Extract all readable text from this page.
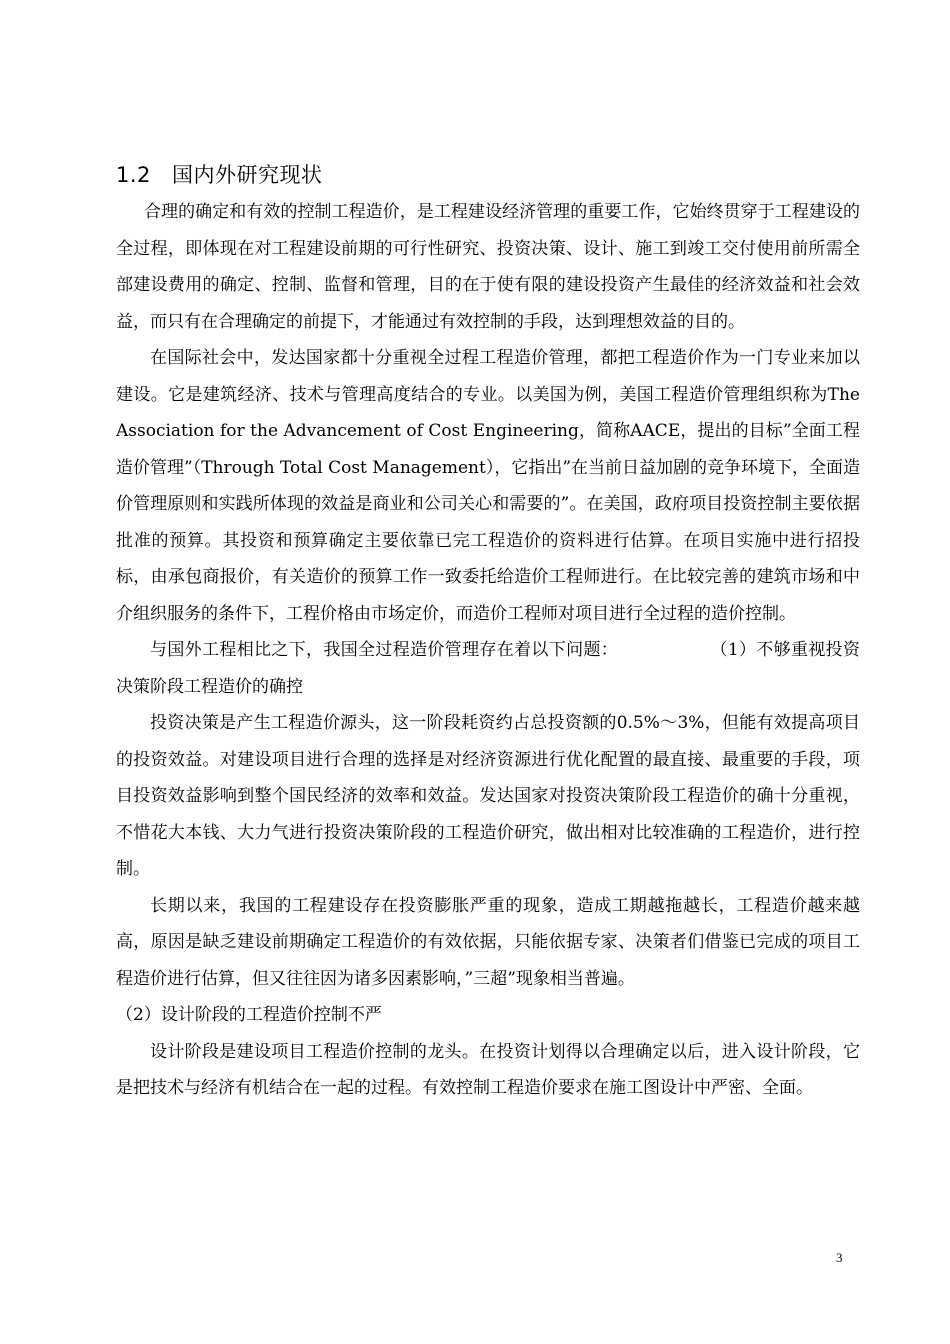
1.2 国内外研究现状

合理的确定和有效的控制工程造价，是工程建设经济管理的重要工作，它始终贯穿于工程建设的全过程，即体现在对工程建设前期的可行性研究、投资决策、设计、施工到竣工交付使用前所需全部建设费用的确定、控制、监督和管理，目的在于使有限的建设投资产生最佳的经济效益和社会效益，而只有在合理确定的前提下，才能通过有效控制的手段，达到理想效益的目的。

在国际社会中，发达国家都十分重视全过程工程造价管理，都把工程造价作为一门专业来加以建设。它是建筑经济、技术与管理高度结合的专业。以美国为例，美国工程造价管理组织称为The Association for the Advancement of Cost Engineering，简称AACE，提出的目标”全面工程造价管理”（Through Total Cost Management），它指出”在当前日益加剧的竞争环境下，全面造价管理原则和实践所体现的效益是商业和公司关心和需要的”。在美国，政府项目投资控制主要依据批准的预算。其投资和预算确定主要依靠已完工程造价的资料进行估算。在项目实施中进行招投标，由承包商报价，有关造价的预算工作一致委托给造价工程师进行。在比较完善的建筑市场和中介组织服务的条件下，工程价格由市场定价，而造价工程师对项目进行全过程的造价控制。

与国外工程相比之下，我国全过程造价管理存在着以下问题：	（1）不够重视投资决策阶段工程造价的确控

投资决策是产生工程造价源头，这一阶段耗资约占总投资额的0.5%～3%，但能有效提高项目的投资效益。对建设项目进行合理的选择是对经济资源进行优化配置的最直接、最重要的手段，项目投资效益影响到整个国民经济的效率和效益。发达国家对投资决策阶段工程造价的确十分重视，不惜花大本钱、大力气进行投资决策阶段的工程造价研究，做出相对比较准确的工程造价，进行控制。

长期以来，我国的工程建设存在投资膨胀严重的现象，造成工期越拖越长，工程造价越来越高，原因是缺乏建设前期确定工程造价的有效依据，只能依据专家、决策者们借鉴已完成的项目工程造价进行估算，但又往往因为诸多因素影响，”三超”现象相当普遍。

（2）设计阶段的工程造价控制不严

设计阶段是建设项目工程造价控制的龙头。在投资计划得以合理确定以后，进入设计阶段，它是把技术与经济有机结合在一起的过程。有效控制工程造价要求在施工图设计中严密、全面。

3
